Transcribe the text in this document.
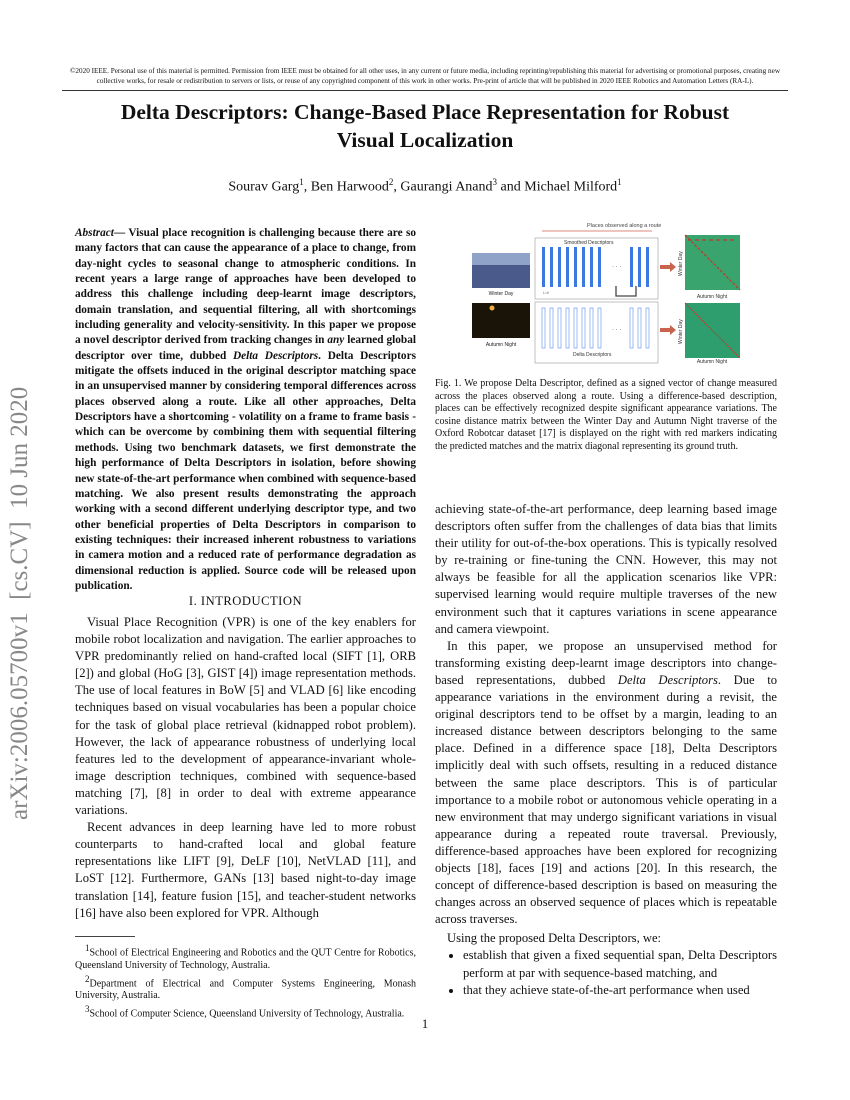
©2020 IEEE. Personal use of this material is permitted. Permission from IEEE must be obtained for all other uses, in any current or future media, including reprinting/republishing this material for advertising or promotional purposes, creating new collective works, for resale or redistribution to servers or lists, or reuse of any copyrighted component of this work in other works. Pre-print of article that will be published in 2020 IEEE Robotics and Automation Letters (RA-L).
Delta Descriptors: Change-Based Place Representation for Robust Visual Localization
Sourav Garg$^1$, Ben Harwood$^2$, Gaurangi Anand$^3$ and Michael Milford$^1$
arXiv:2006.05700v1  [cs.CV]  10 Jun 2020
Abstract— Visual place recognition is challenging because there are so many factors that can cause the appearance of a place to change, from day-night cycles to seasonal change to atmospheric conditions. In recent years a large range of approaches have been developed to address this challenge including deep-learnt image descriptors, domain translation, and sequential filtering, all with shortcomings including generality and velocity-sensitivity. In this paper we propose a novel descriptor derived from tracking changes in any learned global descriptor over time, dubbed Delta Descriptors. Delta Descriptors mitigate the offsets induced in the original descriptor matching space in an unsupervised manner by considering temporal differences across places observed along a route. Like all other approaches, Delta Descriptors have a shortcoming - volatility on a frame to frame basis - which can be overcome by combining them with sequential filtering methods. Using two benchmark datasets, we first demonstrate the high performance of Delta Descriptors in isolation, before showing new state-of-the-art performance when combined with sequence-based matching. We also present results demonstrating the approach working with a second different underlying descriptor type, and two other beneficial properties of Delta Descriptors in comparison to existing techniques: their increased inherent robustness to variations in camera motion and a reduced rate of performance degradation as dimensional reduction is applied. Source code will be released upon publication.
I. INTRODUCTION

Visual Place Recognition (VPR) is one of the key enablers for mobile robot localization and navigation. The earlier approaches to VPR predominantly relied on hand-crafted local (SIFT [1], ORB [2]) and global (HoG [3], GIST [4]) image representation methods. The use of local features in BoW [5] and VLAD [6] like encoding techniques based on visual vocabularies has been a popular choice for the task of global place retrieval (kidnapped robot problem). However, the lack of appearance robustness of underlying local features led to the development of appearance-invariant whole-image description techniques, combined with sequence-based matching [7], [8] in order to deal with extreme appearance variations.

Recent advances in deep learning have led to more robust counterparts to hand-crafted local and global feature representations like LIFT [9], DeLF [10], NetVLAD [11], and LoST [12]. Furthermore, GANs [13] based night-to-day image translation [14], feature fusion [15], and teacher-student networks [16] have also been explored for VPR. Although

$^1$School of Electrical Engineering and Robotics and the QUT Centre for Robotics, Queensland University of Technology, Australia.

$^2$Department of Electrical and Computer Systems Engineering, Monash University, Australia.

$^3$School of Computer Science, Queensland University of Technology, Australia.

Places observed along a route
Winter Day
Autumn Night
Smoothed Descriptors
Delta Descriptors
· · ·
· · ·
L=5
Winter Day
Autumn Night
Winter Day
Autumn Night
Fig. 1. We propose Delta Descriptor, defined as a signed vector of change measured across the places observed along a route. Using a difference-based description, places can be effectively recognized despite significant appearance variations. The cosine distance matrix between the Winter Day and Autumn Night traverse of the Oxford Robotcar dataset [17] is displayed on the right with red markers indicating the predicted matches and the matrix diagonal representing its ground truth.

achieving state-of-the-art performance, deep learning based image descriptors often suffer from the challenges of data bias that limits their utility for out-of-the-box operations. This is typically resolved by re-training or fine-tuning the CNN. However, this may not always be feasible for all the application scenarios like VPR: supervised learning would require multiple traverses of the new environment such that it captures variations in scene appearance and camera viewpoint.

In this paper, we propose an unsupervised method for transforming existing deep-learnt image descriptors into change-based representations, dubbed Delta Descriptors. Due to appearance variations in the environment during a revisit, the original descriptors tend to be offset by a margin, leading to an increased distance between descriptors belonging to the same place. Defined in a difference space [18], Delta Descriptors implicitly deal with such offsets, resulting in a reduced distance between the same place descriptors. This is of particular importance to a mobile robot or autonomous vehicle operating in a new environment that may undergo significant variations in visual appearance during a repeated route traversal. Previously, difference-based approaches have been explored for recognizing objects [18], faces [19] and actions [20]. In this research, the concept of difference-based description is based on measuring the changes across an observed sequence of places which is repeatable across traverses.

Using the proposed Delta Descriptors, we:

• establish that given a fixed sequential span, Delta Descriptors perform at par with sequence-based matching, and
• that they achieve state-of-the-art performance when used
1
